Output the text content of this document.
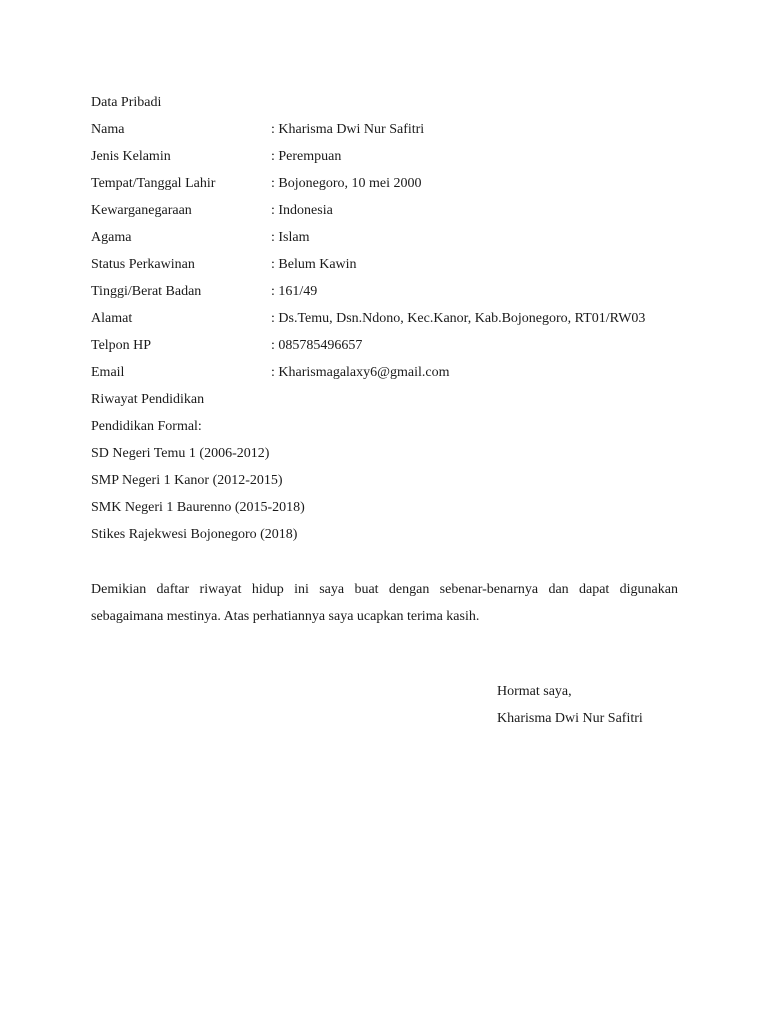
Data Pribadi
Nama	: Kharisma Dwi Nur Safitri
Jenis Kelamin	: Perempuan
Tempat/Tanggal Lahir	: Bojonegoro, 10 mei 2000
Kewarganegaraan	: Indonesia
Agama	: Islam
Status Perkawinan	: Belum Kawin
Tinggi/Berat Badan	: 161/49
Alamat	: Ds.Temu, Dsn.Ndono, Kec.Kanor, Kab.Bojonegoro, RT01/RW03
Telpon HP	: 085785496657
Email	: Kharismagalaxy6@gmail.com
Riwayat Pendidikan
Pendidikan Formal:
SD Negeri Temu 1 (2006-2012)
SMP Negeri 1 Kanor (2012-2015)
SMK Negeri 1 Baurenno (2015-2018)
Stikes Rajekwesi Bojonegoro (2018)
Demikian daftar riwayat hidup ini saya buat dengan sebenar-benarnya dan dapat digunakan sebagaimana mestinya. Atas perhatiannya saya ucapkan terima kasih.
Hormat saya,
Kharisma Dwi Nur Safitri
